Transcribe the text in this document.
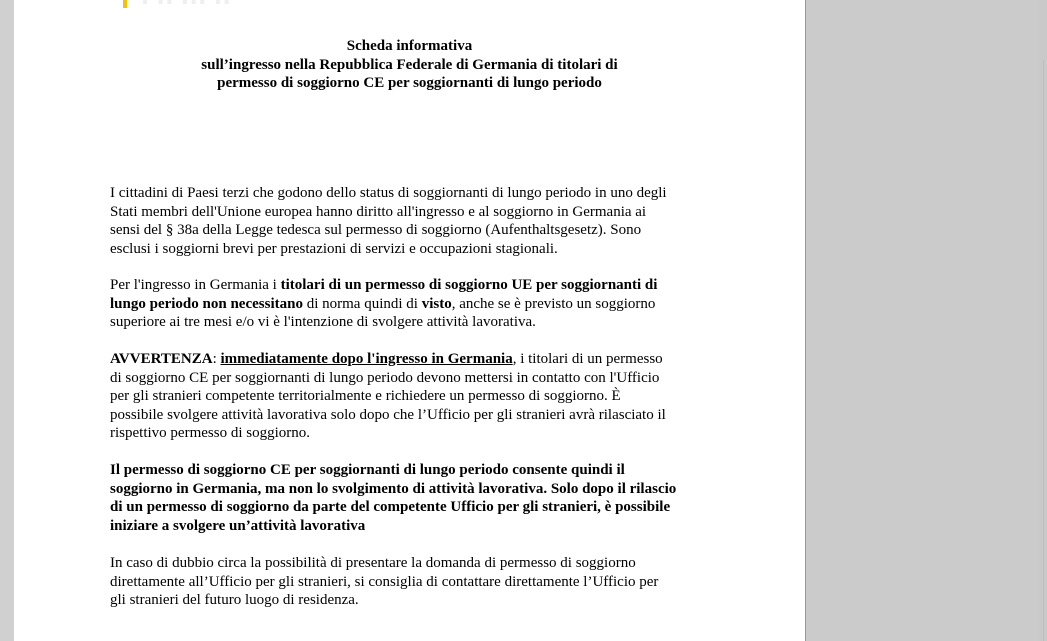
▪ ▪▪ ▪▪▪ ▪▪
Scheda informativa
sull’ingresso nella Repubblica Federale di Germania di titolari di
permesso di soggiorno CE per soggiornanti di lungo periodo
I cittadini di Paesi terzi che godono dello status di soggiornanti di lungo periodo in uno degli
Stati membri dell'Unione europea hanno diritto all'ingresso e al soggiorno in Germania ai
sensi del § 38a della Legge tedesca sul permesso di soggiorno (Aufenthaltsgesetz). Sono
esclusi i soggiorni brevi per prestazioni di servizi e occupazioni stagionali.
Per l'ingresso in Germania i titolari di un permesso di soggiorno UE per soggiornanti di
lungo periodo non necessitano di norma quindi di visto, anche se è previsto un soggiorno
superiore ai tre mesi e/o vi è l'intenzione di svolgere attività lavorativa.
AVVERTENZA: immediatamente dopo l'ingresso in Germania, i titolari di un permesso
di soggiorno CE per soggiornanti di lungo periodo devono mettersi in contatto con l'Ufficio
per gli stranieri competente territorialmente e richiedere un permesso di soggiorno. È
possibile svolgere attività lavorativa solo dopo che l’Ufficio per gli stranieri avrà rilasciato il
rispettivo permesso di soggiorno.
Il permesso di soggiorno CE per soggiornanti di lungo periodo consente quindi il
soggiorno in Germania, ma non lo svolgimento di attività lavorativa. Solo dopo il rilascio
di un permesso di soggiorno da parte del competente Ufficio per gli stranieri, è possibile
iniziare a svolgere un’attività lavorativa
In caso di dubbio circa la possibilità di presentare la domanda di permesso di soggiorno
direttamente all’Ufficio per gli stranieri, si consiglia di contattare direttamente l’Ufficio per
gli stranieri del futuro luogo di residenza.
